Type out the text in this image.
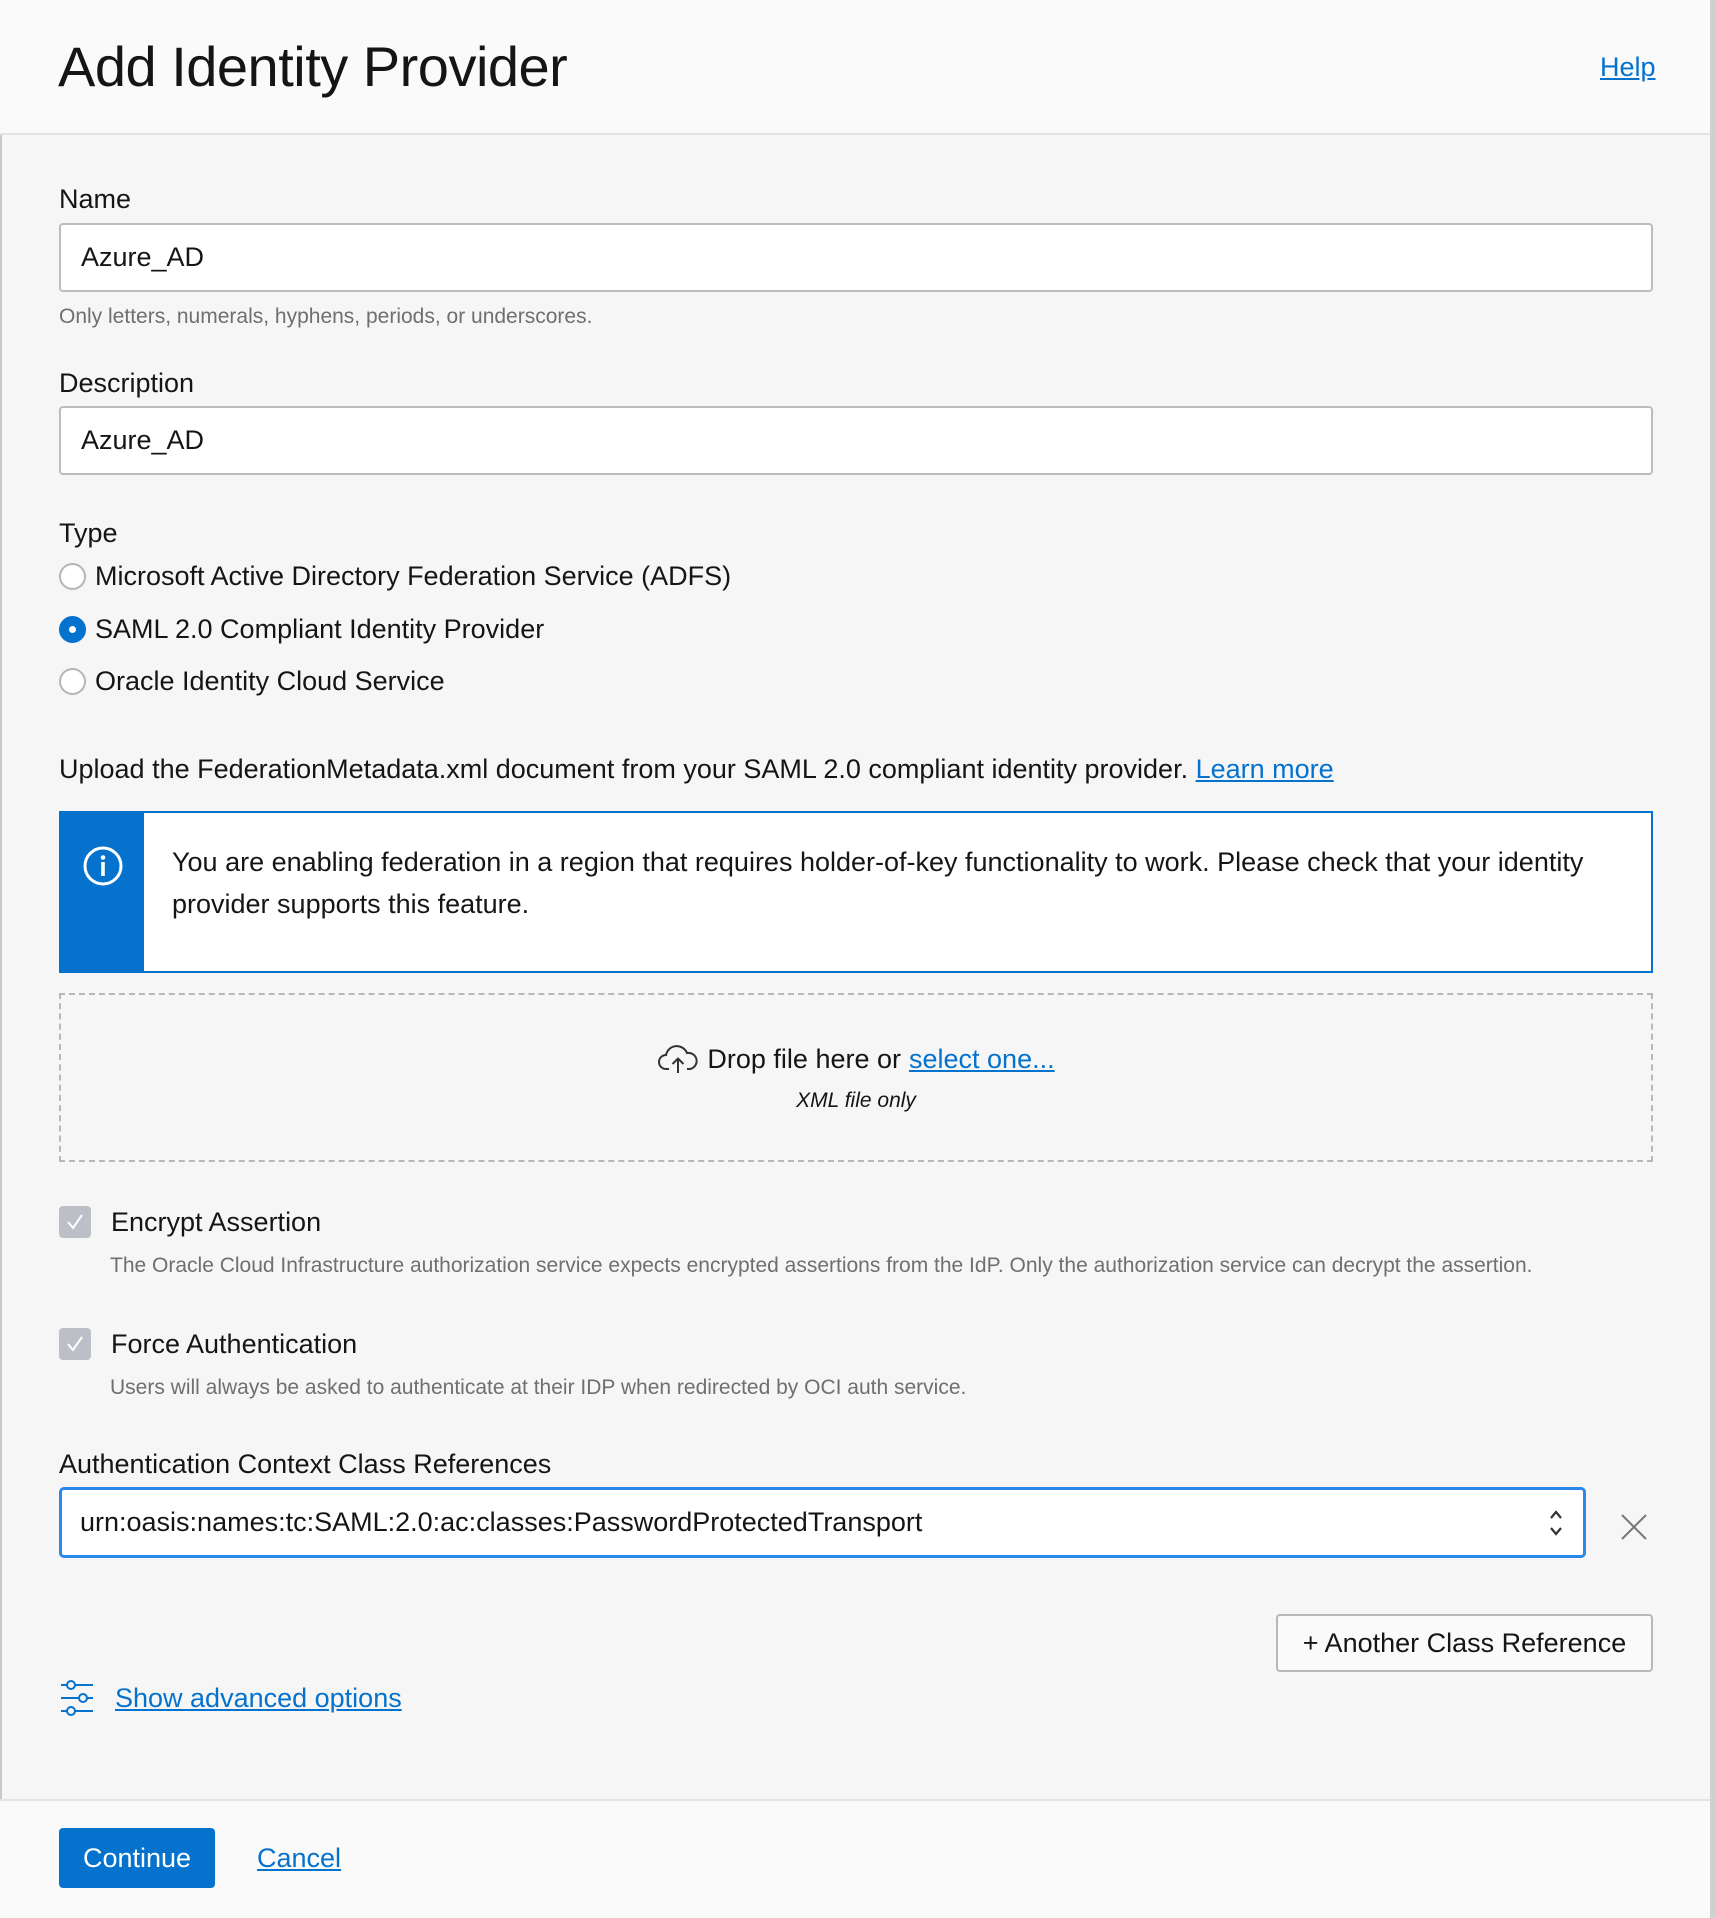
Add Identity Provider	Help
Name
Azure_AD
Only letters, numerals, hyphens, periods, or underscores.
Description
Azure_AD
Type
Microsoft Active Directory Federation Service (ADFS)
SAML 2.0 Compliant Identity Provider
Oracle Identity Cloud Service
Upload the FederationMetadata.xml document from your SAML 2.0 compliant identity provider. Learn more
You are enabling federation in a region that requires holder-of-key functionality to work. Please check that your identity provider supports this feature.
Drop file here or select one...
XML file only
Encrypt Assertion
The Oracle Cloud Infrastructure authorization service expects encrypted assertions from the IdP. Only the authorization service can decrypt the assertion.
Force Authentication
Users will always be asked to authenticate at their IDP when redirected by OCI auth service.
Authentication Context Class References
urn:oasis:names:tc:SAML:2.0:ac:classes:PasswordProtectedTransport
+ Another Class Reference
Show advanced options
Continue	Cancel
